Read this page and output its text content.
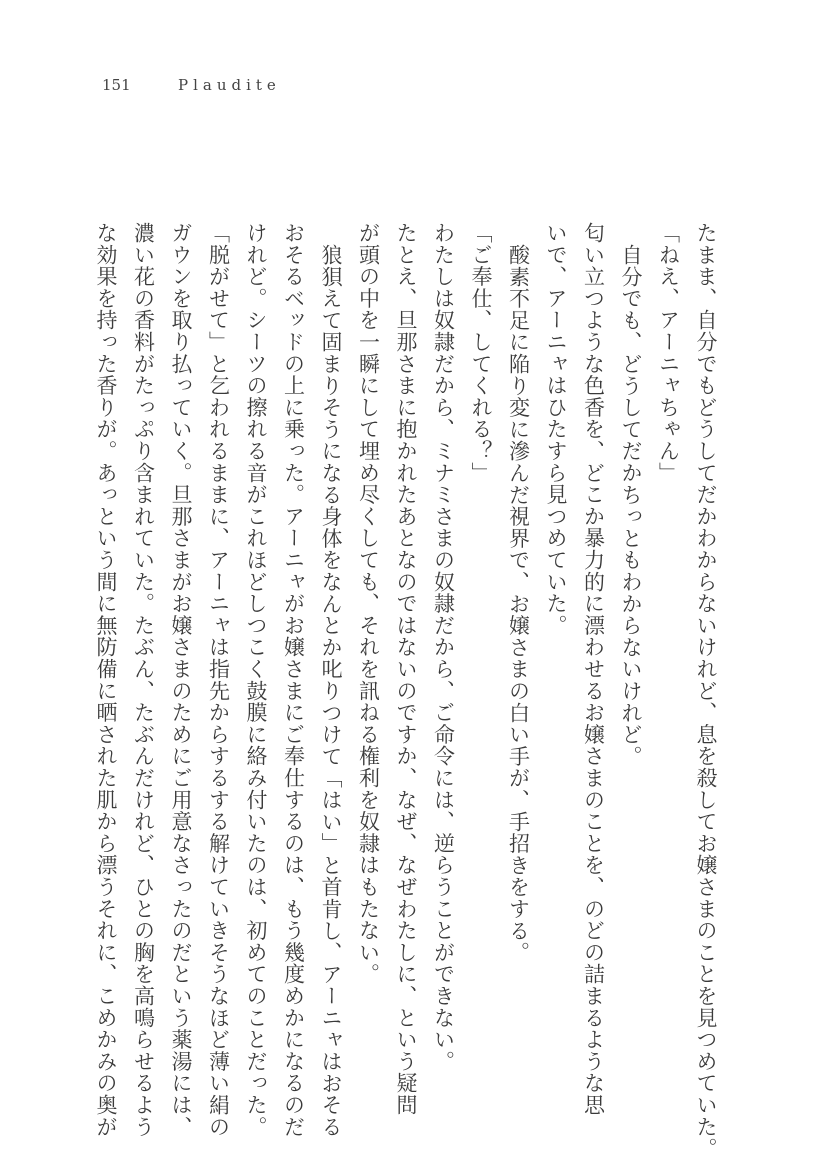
151	Plaudite
たまま、自分でもどうしてだかわからないけれど、息を殺してお嬢さまのことを見つめていた。
「ねえ、アーニャちゃん」
自分でも、どうしてだかちっともわからないけれど。
匂い立つような色香を、どこか暴力的に漂わせるお嬢さまのことを、のどの詰まるような思
いで、アーニャはひたすら見つめていた。
酸素不足に陥り変に滲んだ視界で、お嬢さまの白い手が、手招きをする。
「ご奉仕、してくれる？」
わたしは奴隷だから、ミナミさまの奴隷だから、ご命令には、逆らうことができない。
たとえ、旦那さまに抱かれたあとなのではないのですか、なぜ、なぜわたしに、という疑問
が頭の中を一瞬にして埋め尽くしても、それを訊ねる権利を奴隷はもたない。
狼狽えて固まりそうになる身体をなんとか叱りつけて「はい」と首肯し、アーニャはおそる
おそるベッドの上に乗った。アーニャがお嬢さまにご奉仕するのは、もう幾度めかになるのだ
けれど。シーツの擦れる音がこれほどしつこく鼓膜に絡み付いたのは、初めてのことだった。
「脱がせて」と乞われるままに、アーニャは指先からするする解けていきそうなほど薄い絹の
ガウンを取り払っていく。旦那さまがお嬢さまのためにご用意なさったのだという薬湯には、
濃い花の香料がたっぷり含まれていた。たぶん、たぶんだけれど、ひとの胸を高鳴らせるよう
な効果を持った香りが。あっという間に無防備に晒された肌から漂うそれに、こめかみの奥が
